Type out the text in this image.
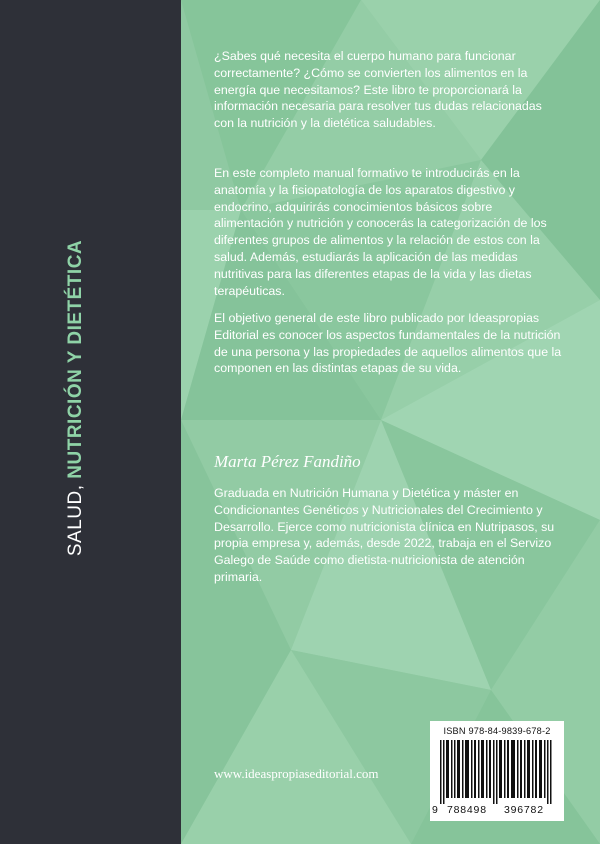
SALUD, NUTRICIÓN Y DIETÉTICA
¿Sabes qué necesita el cuerpo humano para funcionar correctamente? ¿Cómo se convierten los alimentos en la energía que necesitamos? Este libro te proporcionará la información necesaria para resolver tus dudas relacionadas con la nutrición y la dietética saludables.
En este completo manual formativo te introducirás en la anatomía y la fisiopatología de los aparatos digestivo y endocrino, adquirirás conocimientos básicos sobre alimentación y nutrición y conocerás la categorización de los diferentes grupos de alimentos y la relación de estos con la salud. Además, estudiarás la aplicación de las medidas nutritivas para las diferentes etapas de la vida y las dietas terapéuticas.
El objetivo general de este libro publicado por Ideaspropias Editorial es conocer los aspectos fundamentales de la nutrición de una persona y las propiedades de aquellos alimentos que la componen en las distintas etapas de su vida.
Marta Pérez Fandiño
Graduada en Nutrición Humana y Dietética y máster en Condicionantes Genéticos y Nutricionales del Crecimiento y Desarrollo. Ejerce como nutricionista clínica en Nutripasos, su propia empresa y, además, desde 2022, trabaja en el Servizo Galego de Saúde como dietista-nutricionista de atención primaria.
www.ideaspropiaseditorial.com
ISBN 978-84-9839-678-2
9 788498 396782
